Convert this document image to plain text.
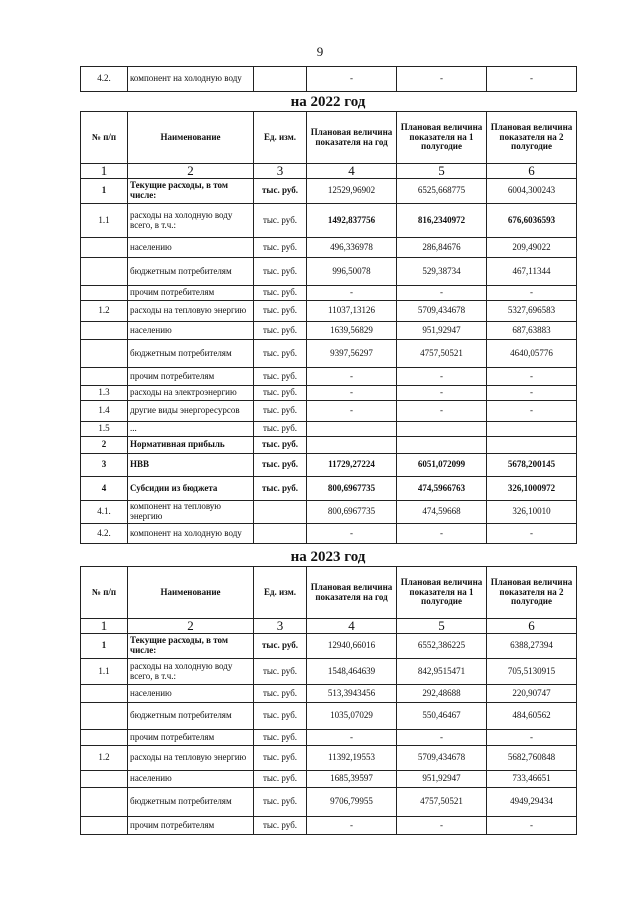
9
4.2.	компонент на холодную воду		-	-	-
на 2022 год
№ п/п	Наименование	Ед. изм.	Плановая величина показателя на год	Плановая величина показателя на 1 полугодие	Плановая величина показателя на 2 полугодие
1	2	3	4	5	6
1	Текущие расходы, в том числе:	тыс. руб.	12529,96902	6525,668775	6004,300243
1.1	расходы на холодную воду всего, в т.ч.:	тыс. руб.	1492,837756	816,2340972	676,6036593
	населению	тыс. руб.	496,336978	286,84676	209,49022
	бюджетным потребителям	тыс. руб.	996,50078	529,38734	467,11344
	прочим потребителям	тыс. руб.	-	-	-
1.2	расходы на тепловую энергию	тыс. руб.	11037,13126	5709,434678	5327,696583
	населению	тыс. руб.	1639,56829	951,92947	687,63883
	бюджетным потребителям	тыс. руб.	9397,56297	4757,50521	4640,05776
	прочим потребителям	тыс. руб.	-	-	-
1.3	расходы на электроэнергию	тыс. руб.	-	-	-
1.4	другие виды энергоресурсов	тыс. руб.	-	-	-
1.5	...	тыс. руб.			
2	Нормативная прибыль	тыс. руб.			
3	НВВ	тыс. руб.	11729,27224	6051,072099	5678,200145
4	Субсидии из бюджета	тыс. руб.	800,6967735	474,5966763	326,1000972
4.1.	компонент на тепловую энергию		800,6967735	474,59668	326,10010
4.2.	компонент на холодную воду		-	-	-
на 2023 год
№ п/п	Наименование	Ед. изм.	Плановая величина показателя на год	Плановая величина показателя на 1 полугодие	Плановая величина показателя на 2 полугодие
1	2	3	4	5	6
1	Текущие расходы, в том числе:	тыс. руб.	12940,66016	6552,386225	6388,27394
1.1	расходы на холодную воду всего, в т.ч.:	тыс. руб.	1548,464639	842,9515471	705,5130915
	населению	тыс. руб.	513,3943456	292,48688	220,90747
	бюджетным потребителям	тыс. руб.	1035,07029	550,46467	484,60562
	прочим потребителям	тыс. руб.	-	-	-
1.2	расходы на тепловую энергию	тыс. руб.	11392,19553	5709,434678	5682,760848
	населению	тыс. руб.	1685,39597	951,92947	733,46651
	бюджетным потребителям	тыс. руб.	9706,79955	4757,50521	4949,29434
	прочим потребителям	тыс. руб.	-	-	-
